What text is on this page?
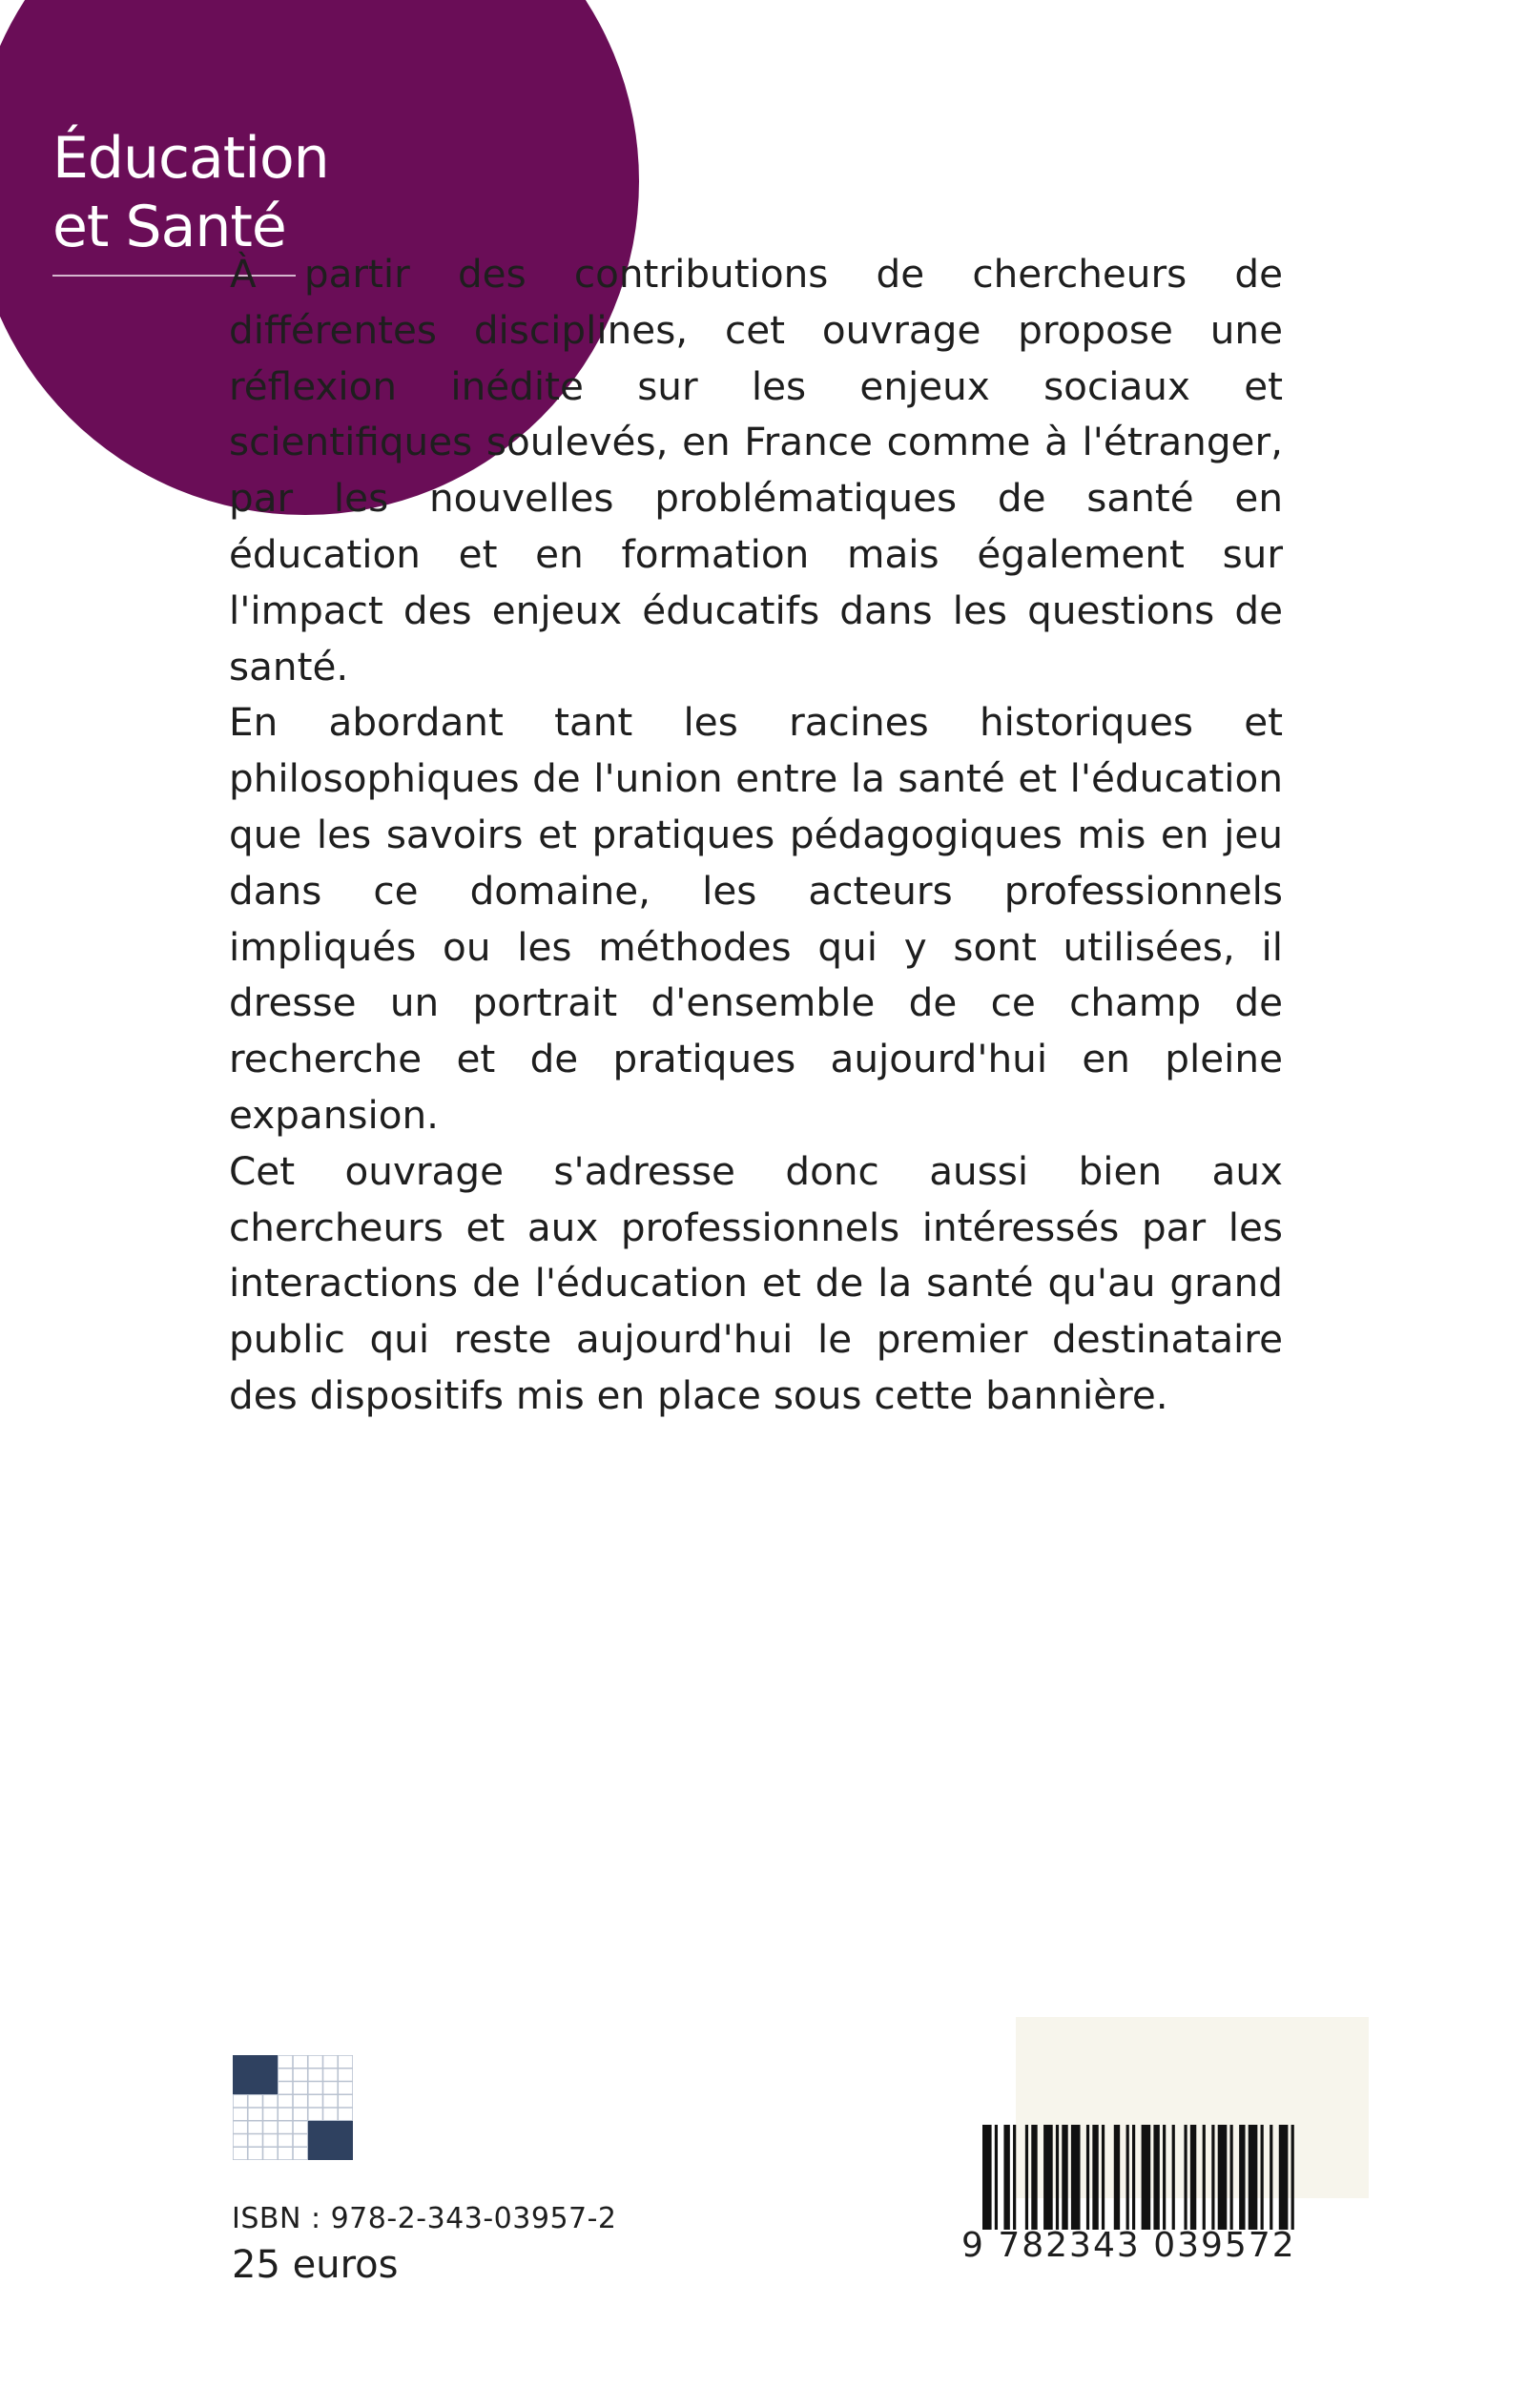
Éducation
et Santé

À partir des contributions de chercheurs de différentes disciplines, cet ouvrage propose une réflexion inédite sur les enjeux sociaux et scientifiques soulevés, en France comme à l'étranger, par les nouvelles problématiques de santé en éducation et en formation mais également sur l'impact des enjeux éducatifs dans les questions de santé.

En abordant tant les racines historiques et philosophiques de l'union entre la santé et l'éducation que les savoirs et pratiques pédagogiques mis en jeu dans ce domaine, les acteurs professionnels impliqués ou les méthodes qui y sont utilisées, il dresse un portrait d'ensemble de ce champ de recherche et de pratiques aujourd'hui en pleine expansion.

Cet ouvrage s'adresse donc aussi bien aux chercheurs et aux professionnels intéressés par les interactions de l'éducation et de la santé qu'au grand public qui reste aujourd'hui le premier destinataire des dispositifs mis en place sous cette bannière.

ISBN : 978-2-343-03957-2

25 euros	9 782343 039572
